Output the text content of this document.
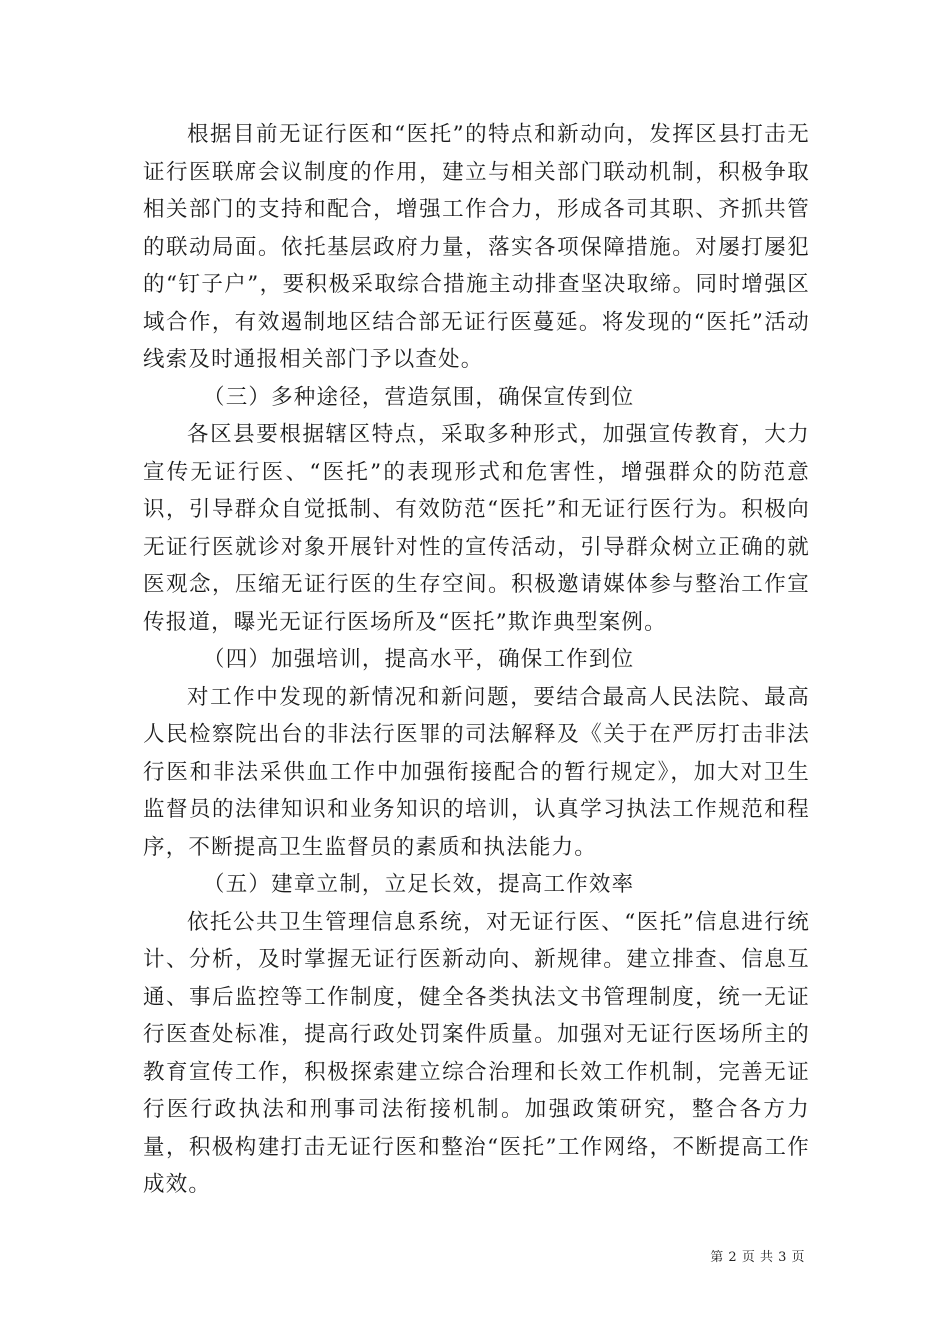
根据目前无证行医和“医托”的特点和新动向，发挥区县打击无证行医联席会议制度的作用，建立与相关部门联动机制，积极争取相关部门的支持和配合，增强工作合力，形成各司其职、齐抓共管的联动局面。依托基层政府力量，落实各项保障措施。对屡打屡犯的“钉子户”，要积极采取综合措施主动排查坚决取缔。同时增强区域合作，有效遏制地区结合部无证行医蔓延。将发现的“医托”活动线索及时通报相关部门予以查处。

（三）多种途径，营造氛围，确保宣传到位

各区县要根据辖区特点，采取多种形式，加强宣传教育，大力宣传无证行医、“医托”的表现形式和危害性，增强群众的防范意识，引导群众自觉抵制、有效防范“医托”和无证行医行为。积极向无证行医就诊对象开展针对性的宣传活动，引导群众树立正确的就医观念，压缩无证行医的生存空间。积极邀请媒体参与整治工作宣传报道，曝光无证行医场所及“医托”欺诈典型案例。

（四）加强培训，提高水平，确保工作到位

对工作中发现的新情况和新问题，要结合最高人民法院、最高人民检察院出台的非法行医罪的司法解释及《关于在严厉打击非法行医和非法采供血工作中加强衔接配合的暂行规定》，加大对卫生监督员的法律知识和业务知识的培训，认真学习执法工作规范和程序，不断提高卫生监督员的素质和执法能力。

（五）建章立制，立足长效，提高工作效率

依托公共卫生管理信息系统，对无证行医、“医托”信息进行统计、分析，及时掌握无证行医新动向、新规律。建立排查、信息互通、事后监控等工作制度，健全各类执法文书管理制度，统一无证行医查处标准，提高行政处罚案件质量。加强对无证行医场所主的教育宣传工作，积极探索建立综合治理和长效工作机制，完善无证行医行政执法和刑事司法衔接机制。加强政策研究，整合各方力量，积极构建打击无证行医和整治“医托”工作网络，不断提高工作成效。

第 2 页 共 3 页
